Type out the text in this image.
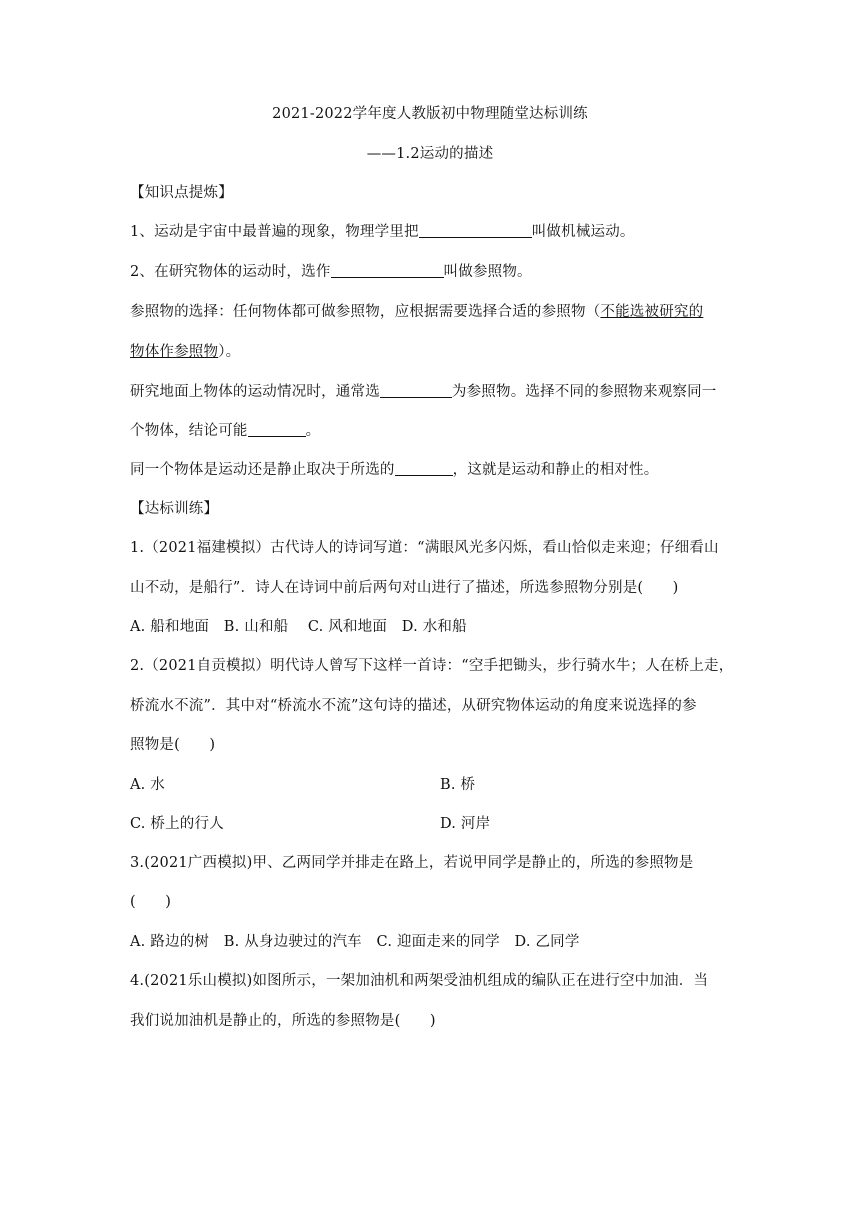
2021-2022学年度人教版初中物理随堂达标训练
——1.2运动的描述
【知识点提炼】
1、运动是宇宙中最普遍的现象，物理学里把	叫做机械运动。
2、在研究物体的运动时，选作	叫做参照物。
参照物的选择：任何物体都可做参照物，应根据需要选择合适的参照物（不能选被研究的
物体作参照物）。
研究地面上物体的运动情况时，通常选	为参照物。选择不同的参照物来观察同一
个物体，结论可能	。
同一个物体是运动还是静止取决于所选的	，这就是运动和静止的相对性。
【达标训练】
1.（2021福建模拟）古代诗人的诗词写道：“满眼风光多闪烁，看山恰似走来迎；仔细看山
山不动，是船行”．诗人在诗词中前后两句对山进行了描述，所选参照物分别是(　　)
A. 船和地面　B. 山和船　 C. 风和地面　D. 水和船
2.（2021自贡模拟）明代诗人曾写下这样一首诗：“空手把锄头，步行骑水牛；人在桥上走，
桥流水不流”．其中对“桥流水不流”这句诗的描述，从研究物体运动的角度来说选择的参
照物是(　　)
A. 水	B. 桥
C. 桥上的行人	D. 河岸
3.(2021广西模拟)甲、乙两同学并排走在路上，若说甲同学是静止的，所选的参照物是
(　　)
A. 路边的树　B. 从身边驶过的汽车　C. 迎面走来的同学　D. 乙同学
4.(2021乐山模拟)如图所示，一架加油机和两架受油机组成的编队正在进行空中加油．当
我们说加油机是静止的，所选的参照物是(　　)
